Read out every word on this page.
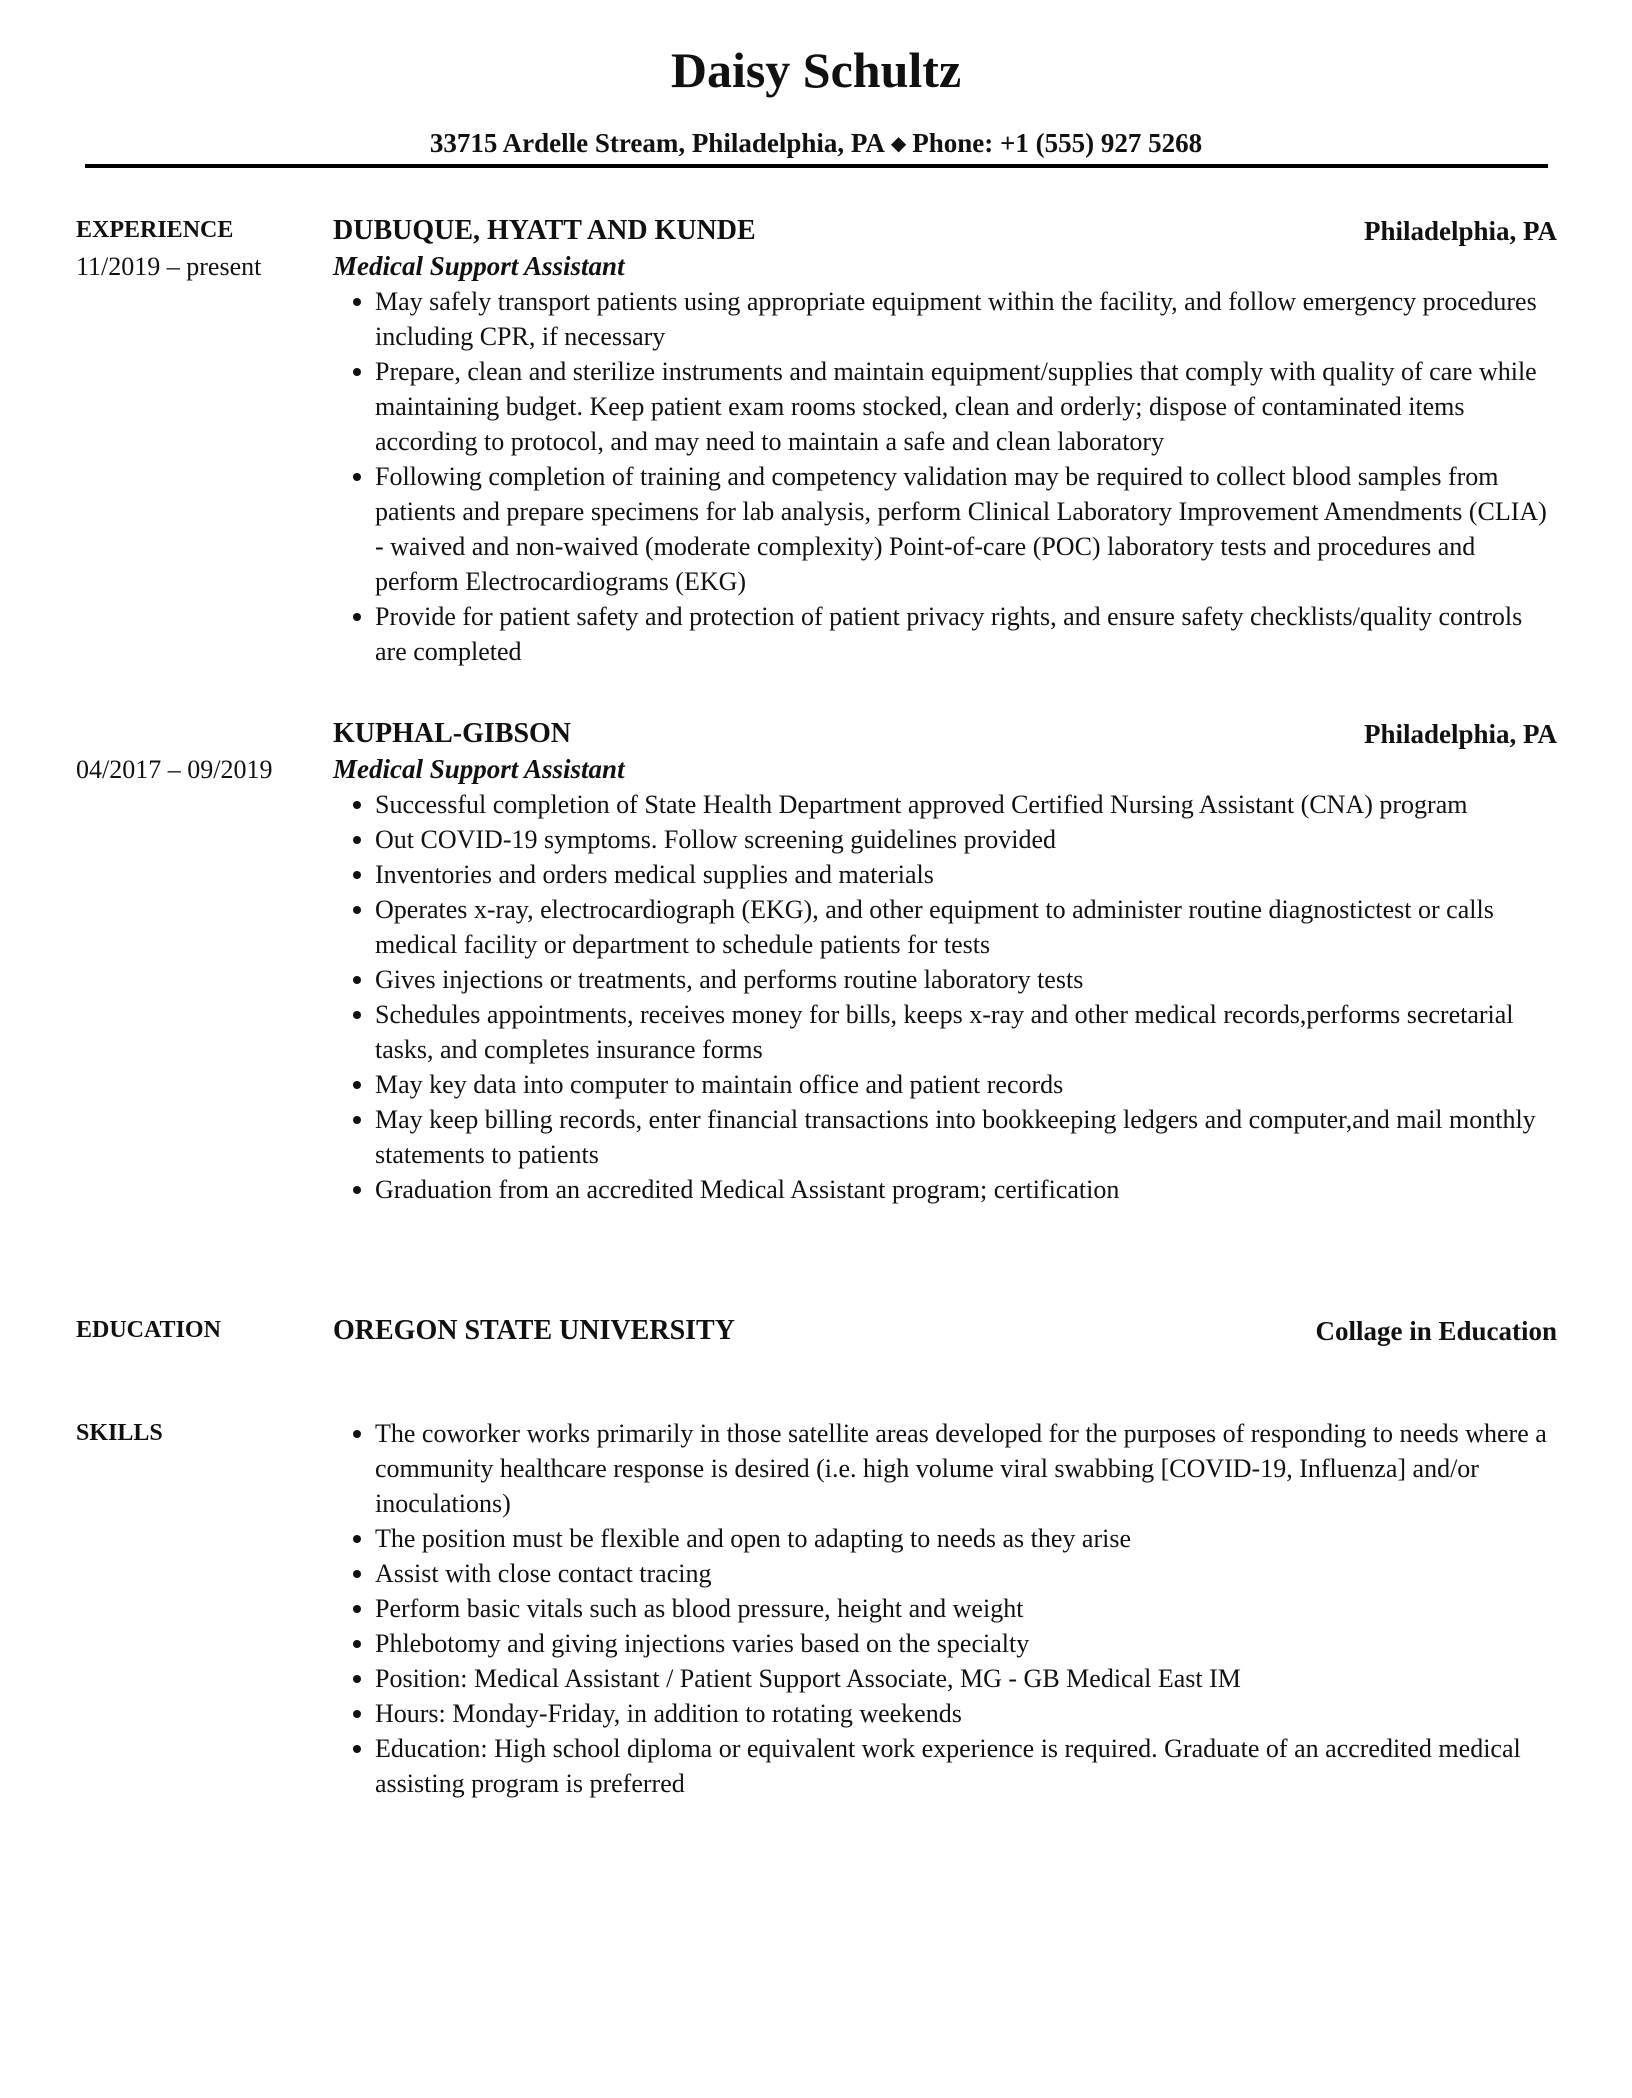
Daisy Schultz
33715 Ardelle Stream, Philadelphia, PA ◆ Phone: +1 (555) 927 5268
EXPERIENCE	DUBUQUE, HYATT AND KUNDE	Philadelphia, PA
11/2019 – present	Medical Support Assistant
May safely transport patients using appropriate equipment within the facility, and follow emergency procedures including CPR, if necessary
Prepare, clean and sterilize instruments and maintain equipment/supplies that comply with quality of care while maintaining budget. Keep patient exam rooms stocked, clean and orderly; dispose of contaminated items according to protocol, and may need to maintain a safe and clean laboratory
Following completion of training and competency validation may be required to collect blood samples from patients and prepare specimens for lab analysis, perform Clinical Laboratory Improvement Amendments (CLIA) - waived and non-waived (moderate complexity) Point-of-care (POC) laboratory tests and procedures and perform Electrocardiograms (EKG)
Provide for patient safety and protection of patient privacy rights, and ensure safety checklists/quality controls are completed
KUPHAL-GIBSON	Philadelphia, PA
04/2017 – 09/2019 Medical Support Assistant
Successful completion of State Health Department approved Certified Nursing Assistant (CNA) program
Out COVID-19 symptoms. Follow screening guidelines provided
Inventories and orders medical supplies and materials
Operates x-ray, electrocardiograph (EKG), and other equipment to administer routine diagnostictest or calls medical facility or department to schedule patients for tests
Gives injections or treatments, and performs routine laboratory tests
Schedules appointments, receives money for bills, keeps x-ray and other medical records,performs secretarial tasks, and completes insurance forms
May key data into computer to maintain office and patient records
May keep billing records, enter financial transactions into bookkeeping ledgers and computer,and mail monthly statements to patients
Graduation from an accredited Medical Assistant program; certification
EDUCATION	OREGON STATE UNIVERSITY	Collage in Education
SKILLS	The coworker works primarily in those satellite areas developed for the purposes of responding to needs where a community healthcare response is desired (i.e. high volume viral swabbing [COVID-19, Influenza] and/or inoculations)
The position must be flexible and open to adapting to needs as they arise
Assist with close contact tracing
Perform basic vitals such as blood pressure, height and weight
Phlebotomy and giving injections varies based on the specialty
Position: Medical Assistant / Patient Support Associate, MG - GB Medical East IM
Hours: Monday-Friday, in addition to rotating weekends
Education: High school diploma or equivalent work experience is required. Graduate of an accredited medical assisting program is preferred
